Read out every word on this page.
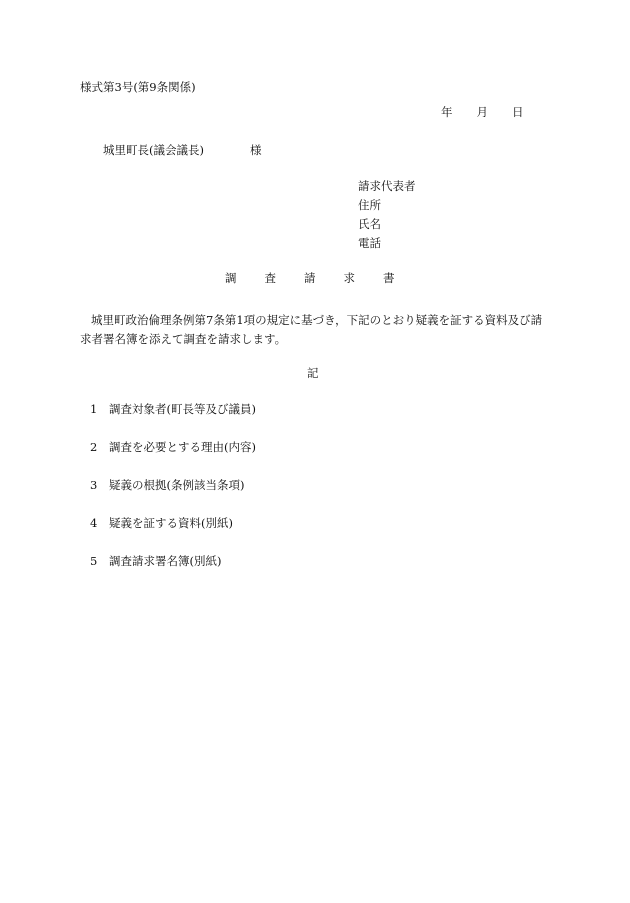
様式第3号(第9条関係)
年 月 日
城里町長(議会議長)	様
請求代表者
住所
氏名
電話
調 査 請 求 書
城里町政治倫理条例第7条第1項の規定に基づき，下記のとおり疑義を証する資料及び請求者署名簿を添えて調査を請求します。
記
1 調査対象者(町長等及び議員)
2 調査を必要とする理由(内容)
3 疑義の根拠(条例該当条項)
4 疑義を証する資料(別紙)
5 調査請求署名簿(別紙)
